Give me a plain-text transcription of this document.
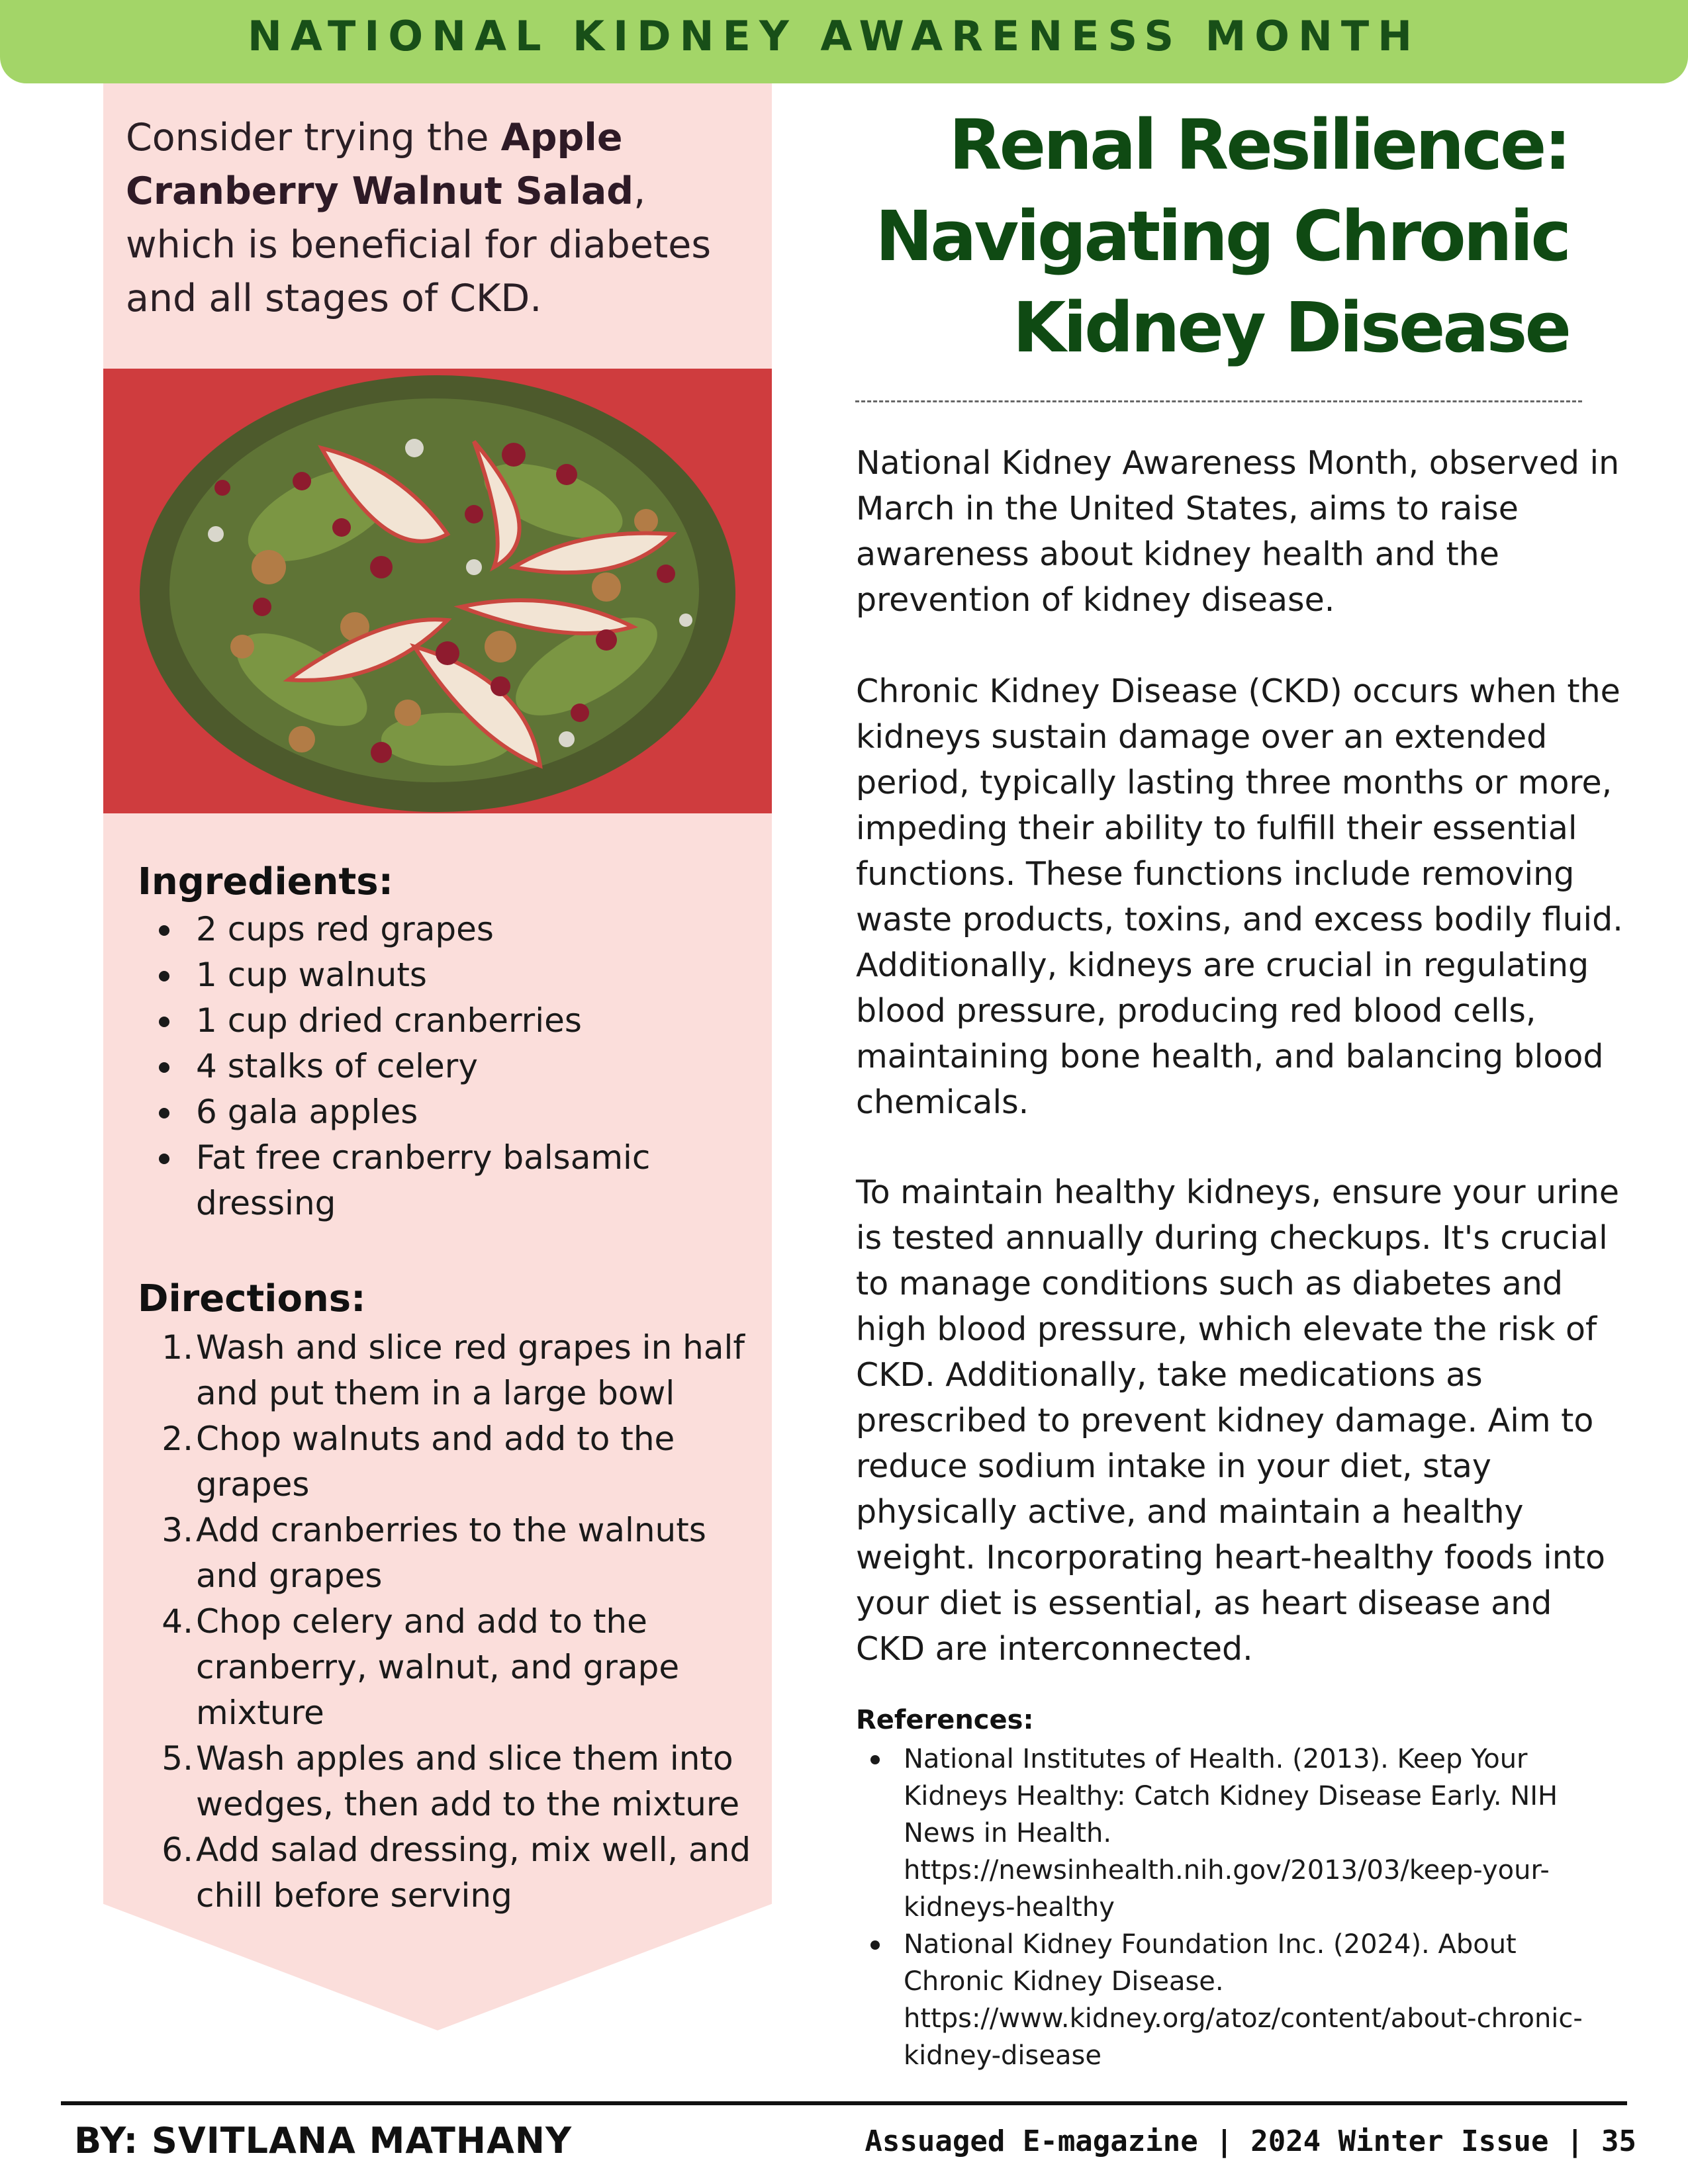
NATIONAL KIDNEY AWARENESS MONTH
Consider trying the Apple Cranberry Walnut Salad, which is beneficial for diabetes and all stages of CKD.
Ingredients:
2 cups red grapes
1 cup walnuts
1 cup dried cranberries
4 stalks of celery
6 gala apples
Fat free cranberry balsamic dressing
Directions:
1. Wash and slice red grapes in half and put them in a large bowl
2. Chop walnuts and add to the grapes
3. Add cranberries to the walnuts and grapes
4. Chop celery and add to the cranberry, walnut, and grape mixture
5. Wash apples and slice them into wedges, then add to the mixture
6. Add salad dressing, mix well, and chill before serving
Renal Resilience:
Navigating Chronic
Kidney Disease

National Kidney Awareness Month, observed in March in the United States, aims to raise awareness about kidney health and the prevention of kidney disease.

Chronic Kidney Disease (CKD) occurs when the kidneys sustain damage over an extended period, typically lasting three months or more, impeding their ability to fulfill their essential functions. These functions include removing waste products, toxins, and excess bodily fluid. Additionally, kidneys are crucial in regulating blood pressure, producing red blood cells, maintaining bone health, and balancing blood chemicals.

To maintain healthy kidneys, ensure your urine is tested annually during checkups. It's crucial to manage conditions such as diabetes and high blood pressure, which elevate the risk of CKD. Additionally, take medications as prescribed to prevent kidney damage. Aim to reduce sodium intake in your diet, stay physically active, and maintain a healthy weight. Incorporating heart-healthy foods into your diet is essential, as heart disease and CKD are interconnected.

References:
National Institutes of Health. (2013). Keep Your Kidneys Healthy: Catch Kidney Disease Early. NIH News in Health. https://newsinhealth.nih.gov/2013/03/keep-your-kidneys-healthy
National Kidney Foundation Inc. (2024). About Chronic Kidney Disease. https://www.kidney.org/atoz/content/about-chronic-kidney-disease
BY: SVITLANA MATHANY	Assuaged E-magazine | 2024 Winter Issue | 35
